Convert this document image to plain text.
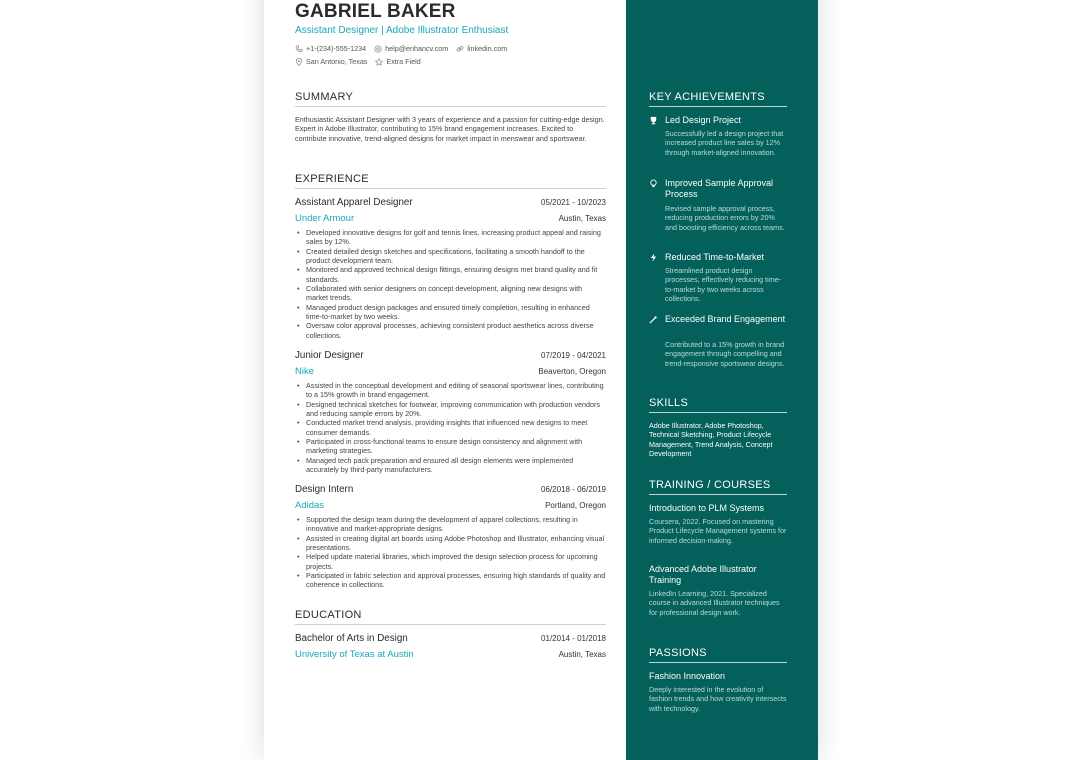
GABRIEL BAKER
Assistant Designer | Adobe Illustrator Enthusiast
+1-(234)-555-1234	help@enhancv.com	linkedin.com
San Antonio, Texas	Extra Field
SUMMARY
Enthusiastic Assistant Designer with 3 years of experience and a passion for cutting-edge design. Expert in Adobe Illustrator, contributing to 15% brand engagement increases. Excited to contribute innovative, trend-aligned designs for market impact in menswear and sportswear.
EXPERIENCE
Assistant Apparel Designer	05/2021 - 10/2023
Under Armour	Austin, Texas
• Developed innovative designs for golf and tennis lines, increasing product appeal and raising sales by 12%.
• Created detailed design sketches and specifications, facilitating a smooth handoff to the product development team.
• Monitored and approved technical design fittings, ensuring designs met brand quality and fit standards.
• Collaborated with senior designers on concept development, aligning new designs with market trends.
• Managed product design packages and ensured timely completion, resulting in enhanced time-to-market by two weeks.
• Oversaw color approval processes, achieving consistent product aesthetics across diverse collections.
Junior Designer	07/2019 - 04/2021
Nike	Beaverton, Oregon
• Assisted in the conceptual development and editing of seasonal sportswear lines, contributing to a 15% growth in brand engagement.
• Designed technical sketches for footwear, improving communication with production vendors and reducing sample errors by 20%.
• Conducted market trend analysis, providing insights that influenced new designs to meet consumer demands.
• Participated in cross-functional teams to ensure design consistency and alignment with marketing strategies.
• Managed tech pack preparation and ensured all design elements were implemented accurately by third-party manufacturers.
Design Intern	06/2018 - 06/2019
Adidas	Portland, Oregon
• Supported the design team during the development of apparel collections, resulting in innovative and market-appropriate designs.
• Assisted in creating digital art boards using Adobe Photoshop and Illustrator, enhancing visual presentations.
• Helped update material libraries, which improved the design selection process for upcoming projects.
• Participated in fabric selection and approval processes, ensuring high standards of quality and coherence in collections.
EDUCATION
Bachelor of Arts in Design	01/2014 - 01/2018
University of Texas at Austin	Austin, Texas
KEY ACHIEVEMENTS
Led Design Project
Successfully led a design project that increased product line sales by 12% through market-aligned innovation.
Improved Sample Approval Process
Revised sample approval process, reducing production errors by 20% and boosting efficiency across teams.
Reduced Time-to-Market
Streamlined product design processes, effectively reducing time-to-market by two weeks across collections.
Exceeded Brand Engagement
Contributed to a 15% growth in brand engagement through compelling and trend-responsive sportswear designs.
SKILLS
Adobe Illustrator, Adobe Photoshop, Technical Sketching, Product Lifecycle Management, Trend Analysis, Concept Development
TRAINING / COURSES
Introduction to PLM Systems
Coursera, 2022. Focused on mastering Product Lifecycle Management systems for informed decision-making.
Advanced Adobe Illustrator Training
LinkedIn Learning, 2021. Specialized course in advanced Illustrator techniques for professional design work.
PASSIONS
Fashion Innovation
Deeply interested in the evolution of fashion trends and how creativity intersects with technology.
